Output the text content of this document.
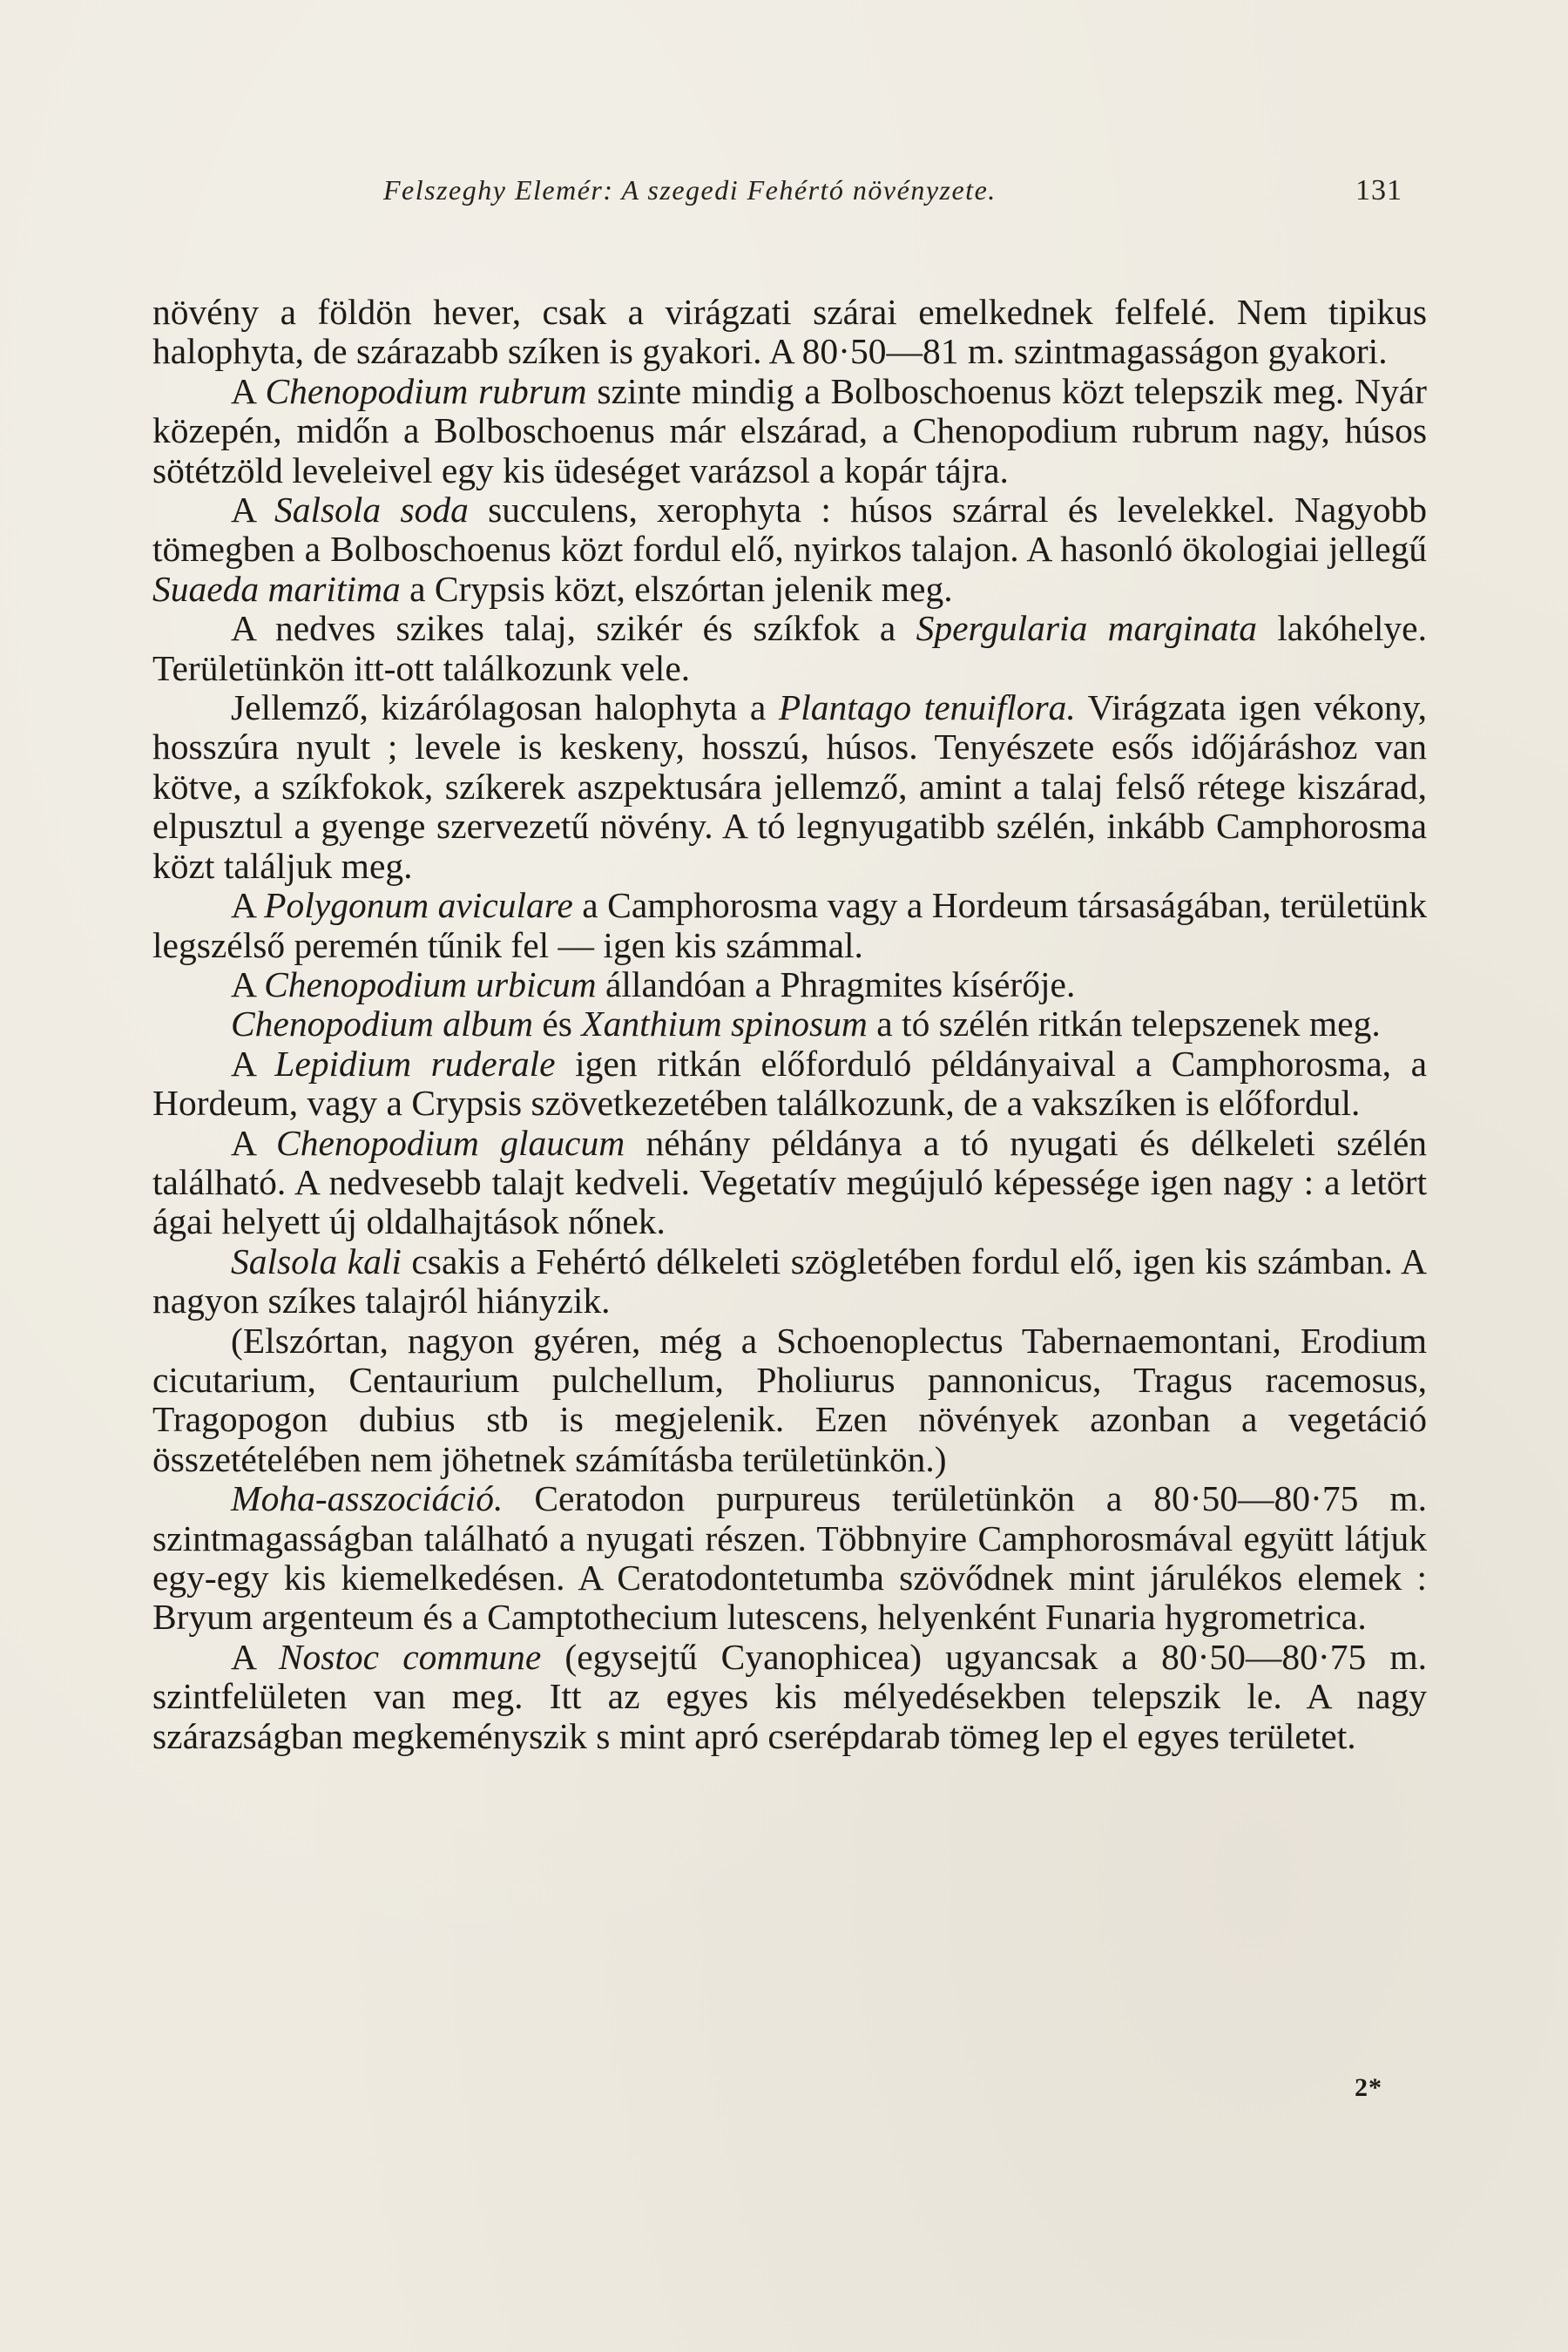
Felszeghy Elemér: A szegedi Fehértó növényzete.	131

növény a földön hever, csak a virágzati szárai emelkednek felfelé. Nem tipikus halophyta, de szárazabb szíken is gyakori. A 80·50—81 m. szintmagasságon gyakori.

A Chenopodium rubrum szinte mindig a Bolboschoenus közt telepszik meg. Nyár közepén, midőn a Bolboschoenus már elszárad, a Chenopodium rubrum nagy, húsos sötétzöld leveleivel egy kis üdeséget varázsol a kopár tájra.

A Salsola soda succulens, xerophyta : húsos szárral és levelekkel. Nagyobb tömegben a Bolboschoenus közt fordul elő, nyirkos talajon. A hasonló ökologiai jellegű Suaeda maritima a Crypsis közt, elszórtan jelenik meg.

A nedves szikes talaj, szikér és szíkfok a Spergularia marginata lakóhelye. Területünkön itt-ott találkozunk vele.

Jellemző, kizárólagosan halophyta a Plantago tenuiflora. Virágzata igen vékony, hosszúra nyult ; levele is keskeny, hosszú, húsos. Tenyészete esős időjáráshoz van kötve, a szíkfokok, szíkerek aszpektusára jellemző, amint a talaj felső rétege kiszárad, elpusztul a gyenge szervezetű növény. A tó legnyugatibb szélén, inkább Camphorosma közt találjuk meg.

A Polygonum aviculare a Camphorosma vagy a Hordeum társaságában, területünk legszélső peremén tűnik fel — igen kis számmal.

A Chenopodium urbicum állandóan a Phragmites kísérője.

Chenopodium album és Xanthium spinosum a tó szélén ritkán telepszenek meg.

A Lepidium ruderale igen ritkán előforduló példányaival a Camphorosma, a Hordeum, vagy a Crypsis szövetkezetében találkozunk, de a vakszíken is előfordul.

A Chenopodium glaucum néhány példánya a tó nyugati és délkeleti szélén található. A nedvesebb talajt kedveli. Vegetatív megújuló képessége igen nagy : a letört ágai helyett új oldalhajtások nőnek.

Salsola kali csakis a Fehértó délkeleti szögletében fordul elő, igen kis számban. A nagyon szíkes talajról hiányzik.

(Elszórtan, nagyon gyéren, még a Schoenoplectus Tabernaemontani, Erodium cicutarium, Centaurium pulchellum, Pholiurus pannonicus, Tragus racemosus, Tragopogon dubius stb is megjelenik. Ezen növények azonban a vegetáció összetételében nem jöhetnek számításba területünkön.)

Moha-asszociáció. Ceratodon purpureus területünkön a 80·50—80·75 m. szintmagasságban található a nyugati részen. Többnyire Camphorosmával együtt látjuk egy-egy kis kiemelkedésen. A Ceratodontetumba szövődnek mint járulékos elemek : Bryum argenteum és a Camptothecium lutescens, helyenként Funaria hygrometrica.

A Nostoc commune (egysejtű Cyanophicea) ugyancsak a 80·50—80·75 m. szintfelületen van meg. Itt az egyes kis mélyedésekben telepszik le. A nagy szárazságban megkeményszik s mint apró cserépdarab tömeg lep el egyes területet.

2*
